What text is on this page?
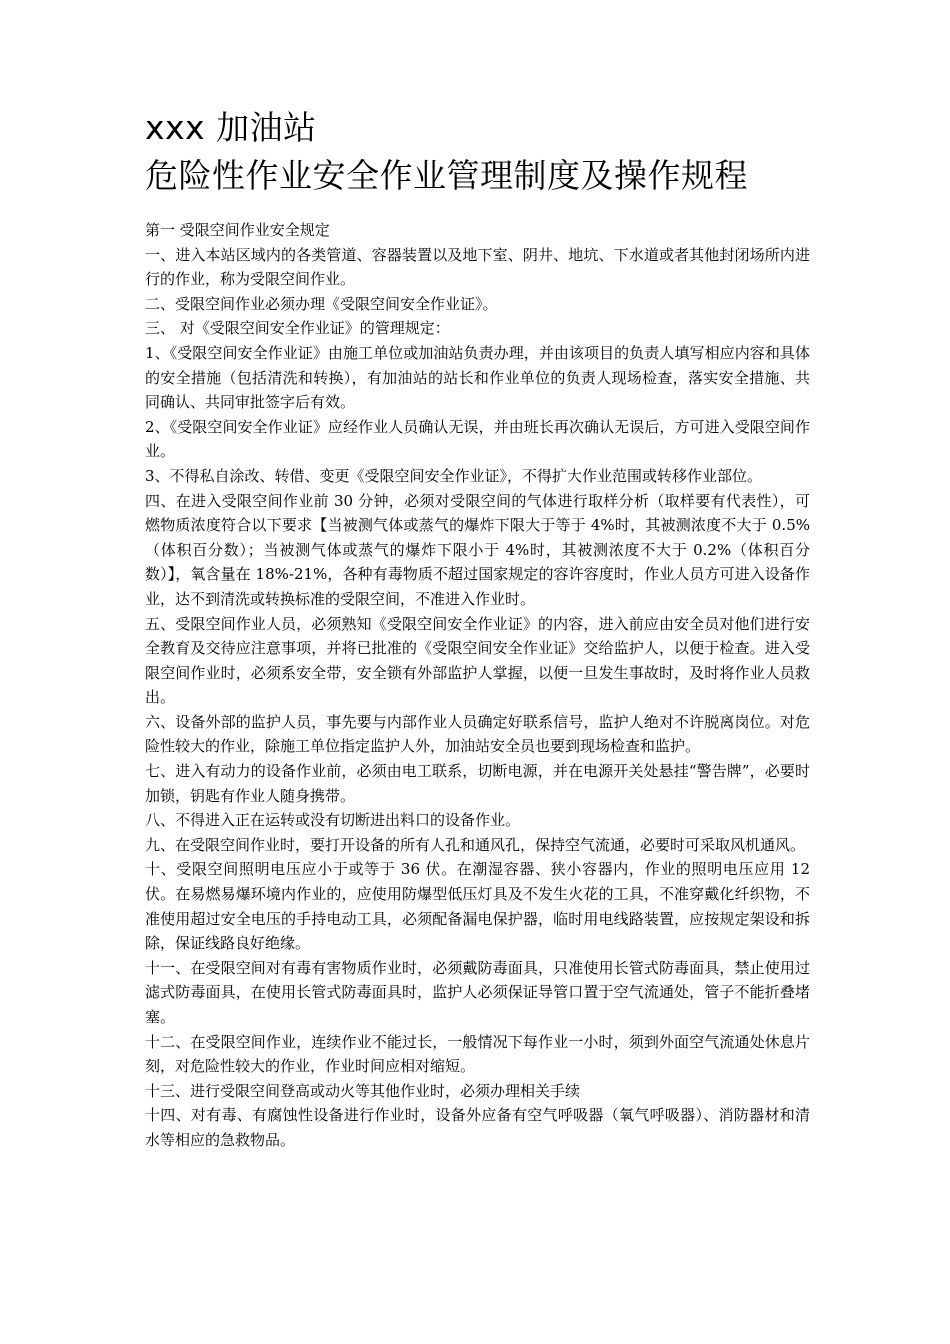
xxx 加油站
危险性作业安全作业管理制度及操作规程

第一 受限空间作业安全规定

一、进入本站区域内的各类管道、容器装置以及地下室、阴井、地坑、下水道或者其他封闭场所内进行的作业，称为受限空间作业。

二、受限空间作业必须办理《受限空间安全作业证》。

三、 对《受限空间安全作业证》的管理规定：

1、《受限空间安全作业证》由施工单位或加油站负责办理，并由该项目的负责人填写相应内容和具体的安全措施（包括清洗和转换），有加油站的站长和作业单位的负责人现场检查，落实安全措施、共同确认、共同审批签字后有效。

2、《受限空间安全作业证》应经作业人员确认无误，并由班长再次确认无误后，方可进入受限空间作业。

3、不得私自涂改、转借、变更《受限空间安全作业证》，不得扩大作业范围或转移作业部位。

四、在进入受限空间作业前 30 分钟，必须对受限空间的气体进行取样分析（取样要有代表性），可燃物质浓度符合以下要求【当被测气体或蒸气的爆炸下限大于等于 4%时，其被测浓度不大于 0.5%（体积百分数）；当被测气体或蒸气的爆炸下限小于 4%时，其被测浓度不大于 0.2%（体积百分数）】，氧含量在 18%-21%，各种有毒物质不超过国家规定的容许容度时，作业人员方可进入设备作业，达不到清洗或转换标准的受限空间，不准进入作业时。

五、受限空间作业人员，必须熟知《受限空间安全作业证》的内容，进入前应由安全员对他们进行安全教育及交待应注意事项，并将已批准的《受限空间安全作业证》交给监护人，以便于检查。进入受限空间作业时，必须系安全带，安全锁有外部监护人掌握，以便一旦发生事故时，及时将作业人员救出。

六、设备外部的监护人员，事先要与内部作业人员确定好联系信号，监护人绝对不许脱离岗位。对危险性较大的作业，除施工单位指定监护人外，加油站安全员也要到现场检查和监护。

七、进入有动力的设备作业前，必须由电工联系，切断电源，并在电源开关处悬挂“警告牌”，必要时加锁，钥匙有作业人随身携带。

八、不得进入正在运转或没有切断进出料口的设备作业。

九、在受限空间作业时，要打开设备的所有人孔和通风孔，保持空气流通，必要时可采取风机通风。

十、受限空间照明电压应小于或等于 36 伏。在潮湿容器、狭小容器内，作业的照明电压应用 12 伏。在易燃易爆环境内作业的，应使用防爆型低压灯具及不发生火花的工具，不准穿戴化纤织物，不准使用超过安全电压的手持电动工具，必须配备漏电保护器，临时用电线路装置，应按规定架设和拆除，保证线路良好绝缘。

十一、在受限空间对有毒有害物质作业时，必须戴防毒面具，只准使用长管式防毒面具，禁止使用过滤式防毒面具，在使用长管式防毒面具时，监护人必须保证导管口置于空气流通处，管子不能折叠堵塞。

十二、在受限空间作业，连续作业不能过长，一般情况下每作业一小时，须到外面空气流通处休息片刻，对危险性较大的作业，作业时间应相对缩短。

十三、进行受限空间登高或动火等其他作业时，必须办理相关手续

十四、对有毒、有腐蚀性设备进行作业时，设备外应备有空气呼吸器（氧气呼吸器）、消防器材和清水等相应的急救物品。
